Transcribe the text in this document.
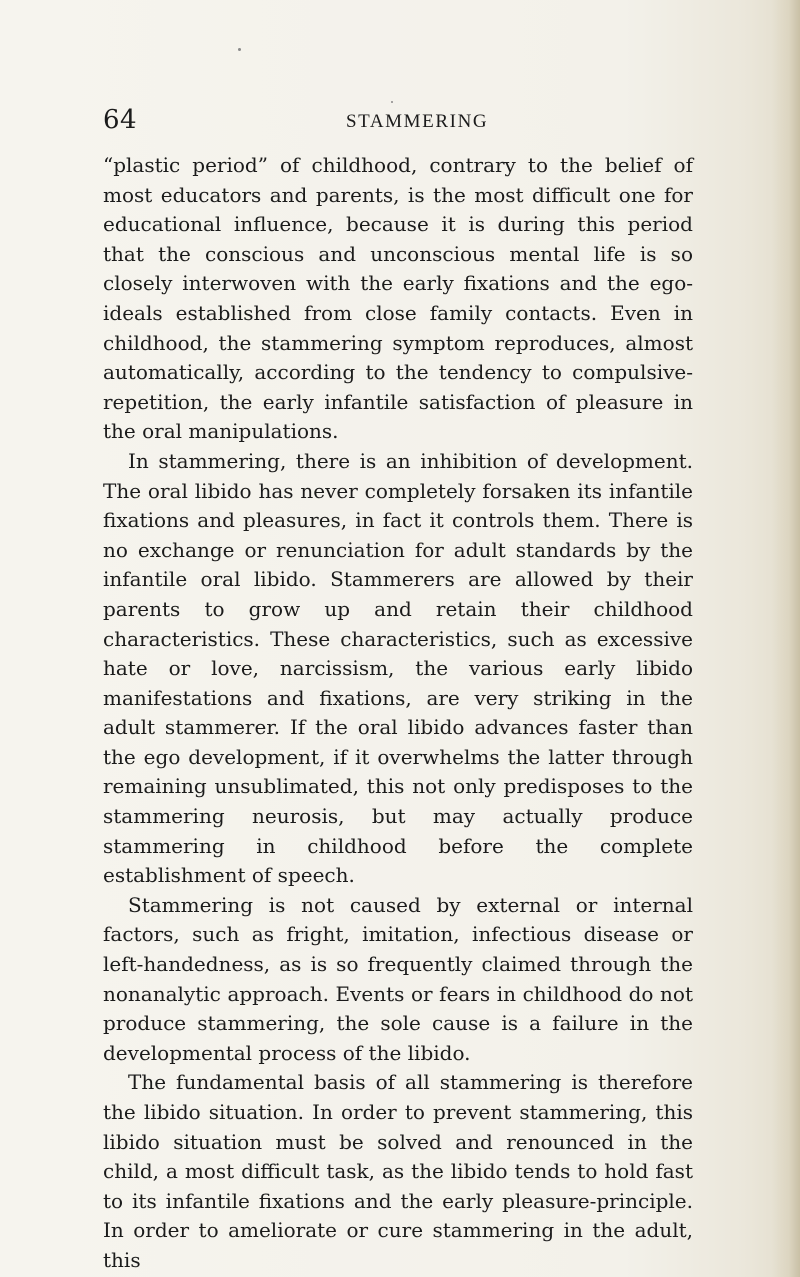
64	STAMMERING

“plastic period” of childhood, contrary to the belief of most educators and parents, is the most difficult one for educational influence, because it is during this period that the conscious and unconscious mental life is so closely interwoven with the early fixations and the ego-ideals established from close family contacts. Even in childhood, the stammering symptom reproduces, almost automatically, according to the tendency to compulsive-repetition, the early infantile satisfaction of pleasure in the oral manipulations.

In stammering, there is an inhibition of development. The oral libido has never completely forsaken its infantile fixations and pleasures, in fact it controls them. There is no exchange or renunciation for adult standards by the infantile oral libido. Stammerers are allowed by their parents to grow up and retain their childhood characteristics. These characteristics, such as excessive hate or love, narcissism, the various early libido manifestations and fixations, are very striking in the adult stammerer. If the oral libido advances faster than the ego development, if it overwhelms the latter through remaining unsublimated, this not only predisposes to the stammering neurosis, but may actually produce stammering in childhood before the complete establishment of speech.

Stammering is not caused by external or internal factors, such as fright, imitation, infectious disease or left-handedness, as is so frequently claimed through the nonanalytic approach. Events or fears in childhood do not produce stammering, the sole cause is a failure in the developmental process of the libido.

The fundamental basis of all stammering is therefore the libido situation. In order to prevent stammering, this libido situation must be solved and renounced in the child, a most difficult task, as the libido tends to hold fast to its infantile fixations and the early pleasure-principle. In order to ameliorate or cure stammering in the adult, this
